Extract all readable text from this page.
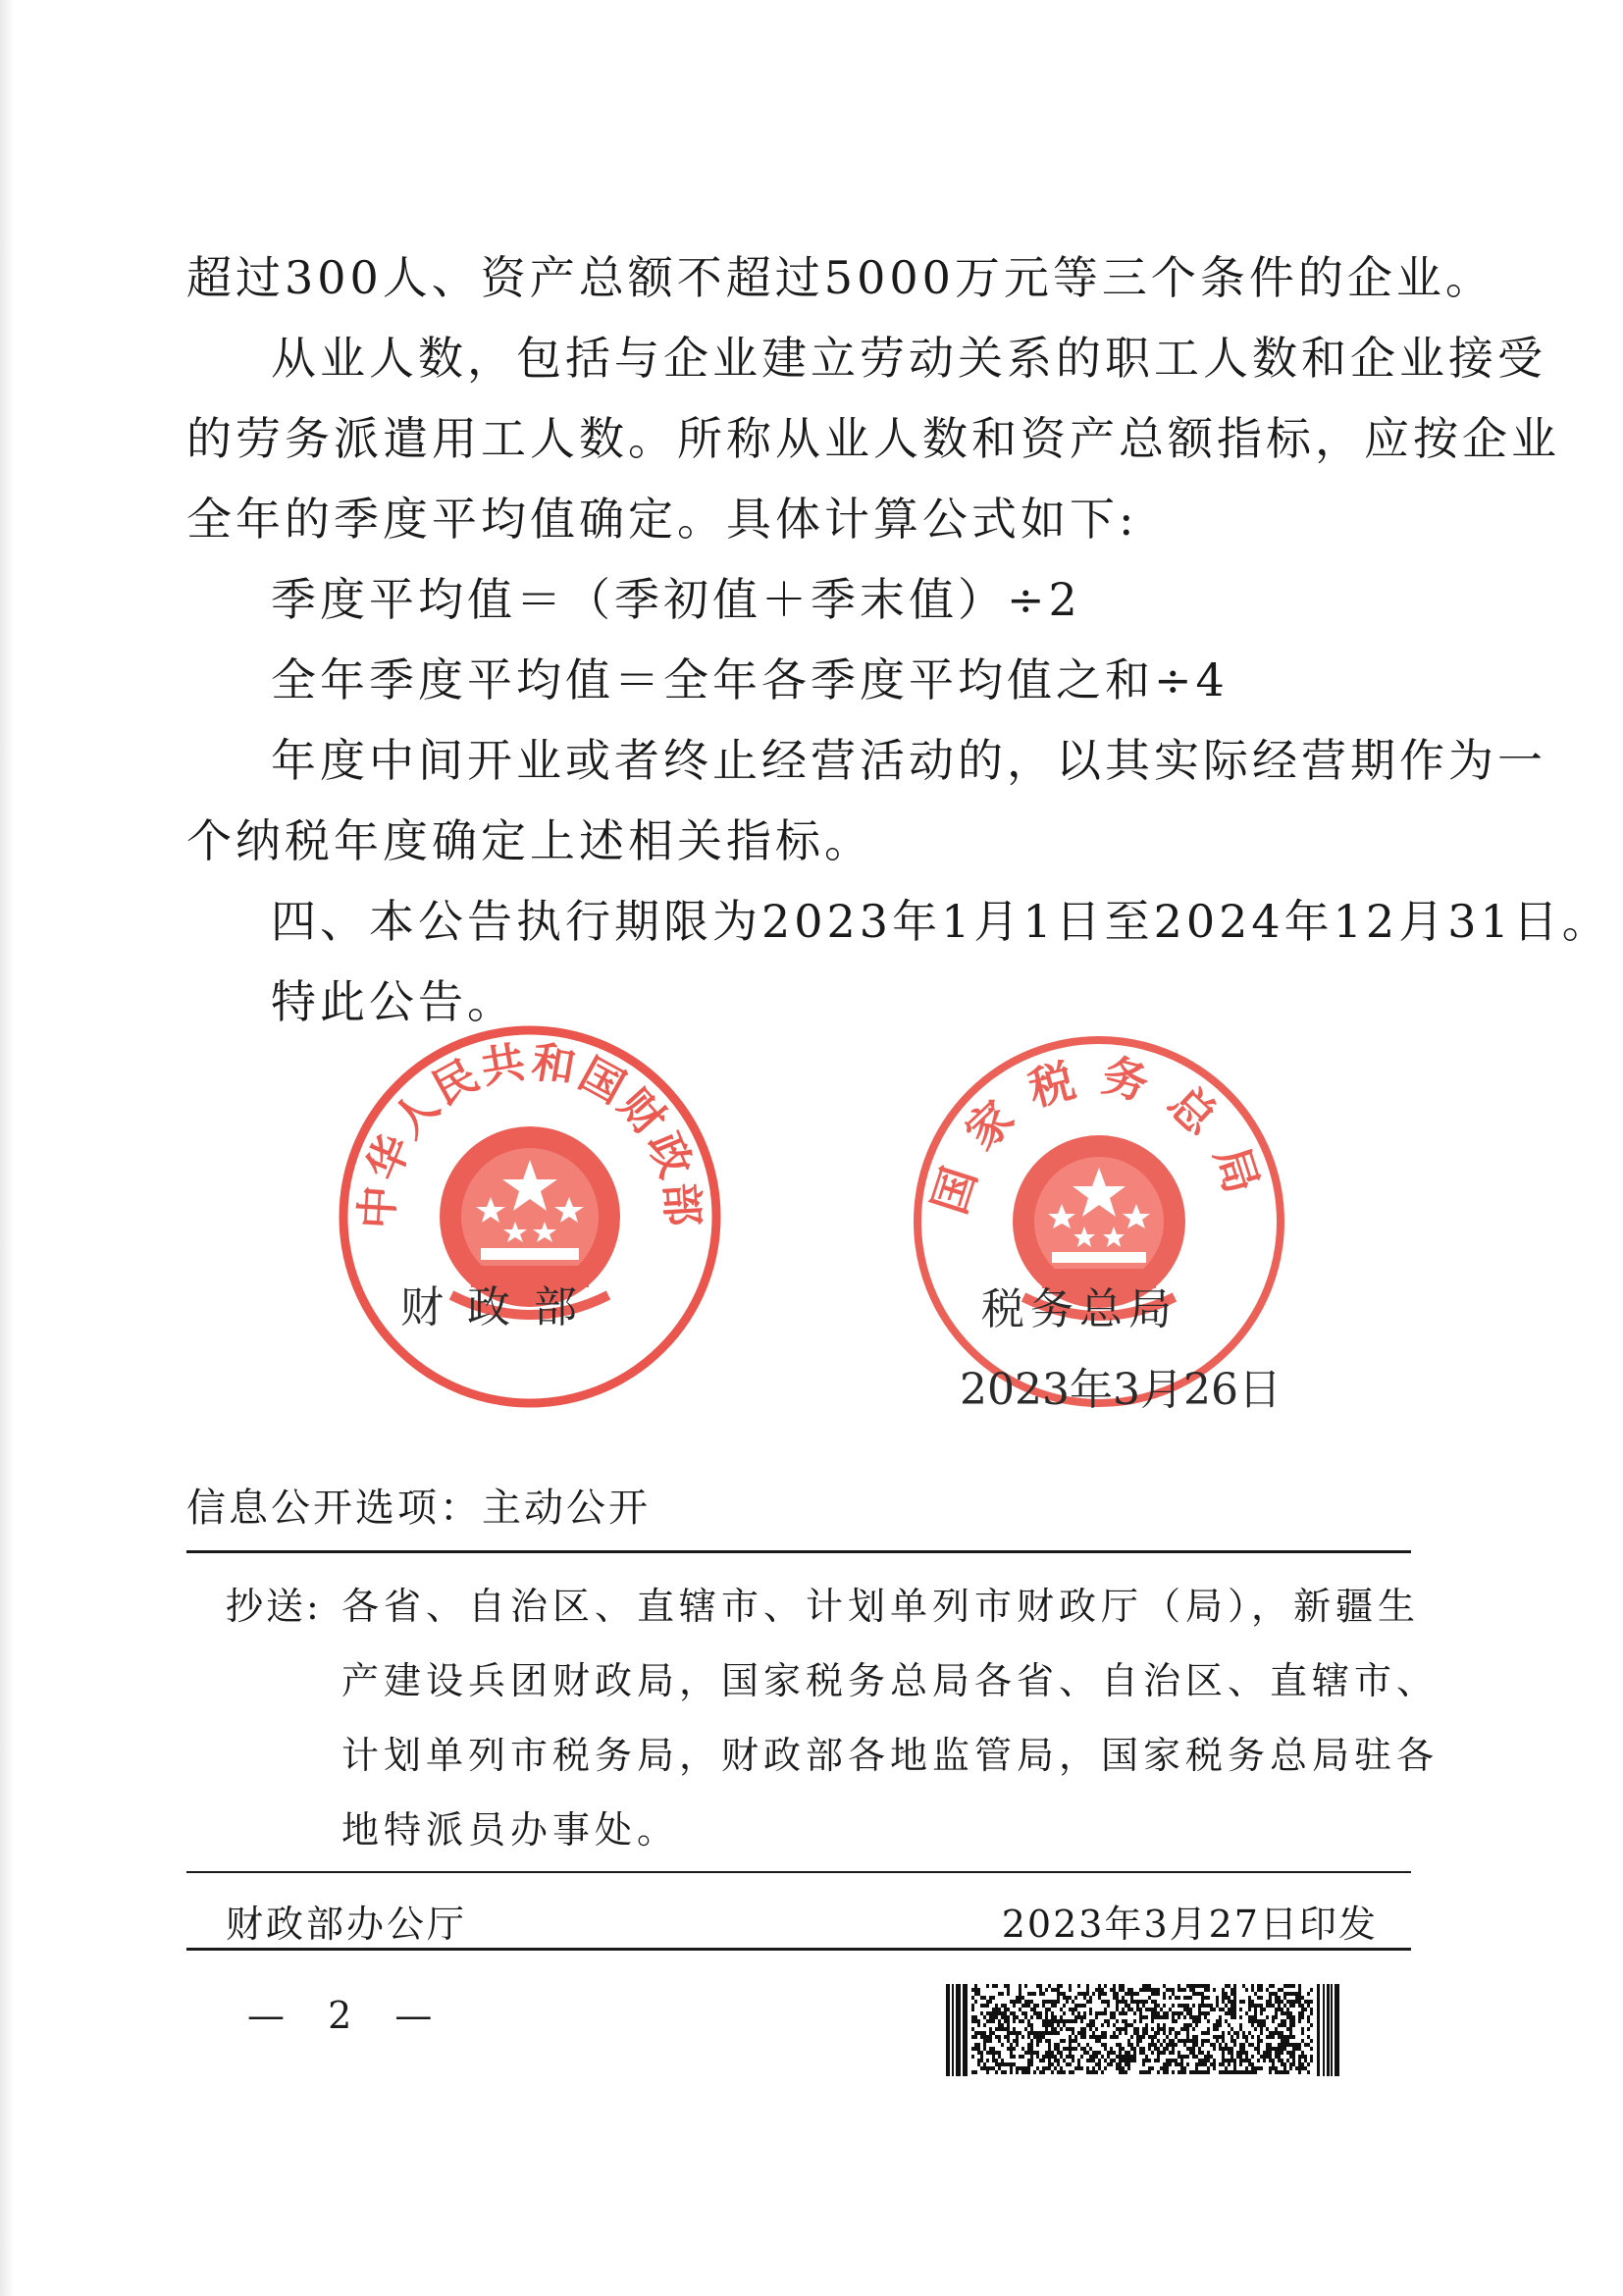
超过300人、资产总额不超过5000万元等三个条件的企业。

从业人数，包括与企业建立劳动关系的职工人数和企业接受

的劳务派遣用工人数。所称从业人数和资产总额指标，应按企业

全年的季度平均值确定。具体计算公式如下:

季度平均值＝（季初值＋季末值）÷2

全年季度平均值＝全年各季度平均值之和÷4

年度中间开业或者终止经营活动的，以其实际经营期作为一

个纳税年度确定上述相关指标。

四、本公告执行期限为2023年1月1日至2024年12月31日。

特此公告。

中华人民共和国财政部
财政部
国家税务总局
税务总局
2023年3月26日
信息公开选项：主动公开
抄送: 各省、自治区、直辖市、计划单列市财政厅（局），新疆生
产建设兵团财政局，国家税务总局各省、自治区、直辖市、
计划单列市税务局，财政部各地监管局，国家税务总局驻各
地特派员办事处。
财政部办公厅	2023年3月27日印发
— 2 —
